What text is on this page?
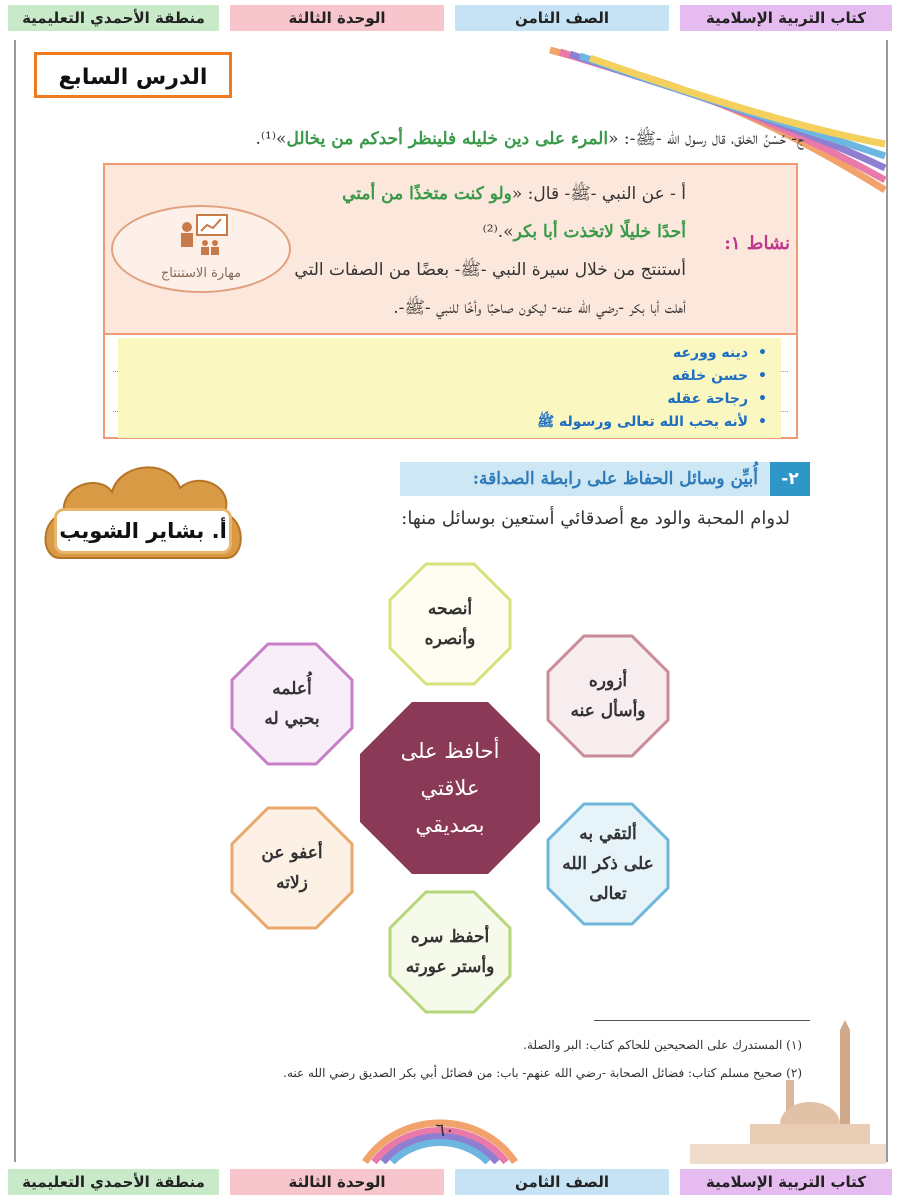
كتاب التربية الإسلامية
الصف الثامن
الوحدة الثالثة
منطقة الأحمدي التعليمية
الدرس السابع
ج- حُسْنُ الخلق، قال رسول الله -ﷺ-: «المرء على دين خليله فلينظر أحدكم من يخالل»⁽¹⁾.
نشاط ١:
أ - عن النبي -ﷺ- قال: «ولو كنت متخذًا من أمتي
أحدًا خليلًا لاتخذت أبا بكر».⁽²⁾
أستنتج من خلال سيرة النبي -ﷺ- بعضًا من الصفات التي
أهلت أبا بكر -رضي الله عنه- ليكون صاحبًا وأخًا للنبي -ﷺ-.
مهارة الاستنتاج
• دينه وورعه
• حسن خلقه
• رجاحة عقله
• لأنه يحب الله تعالى ورسوله ﷺ
٢-
أُبيِّن وسائل الحفاظ على رابطة الصداقة:
لدوام المحبة والود مع أصدقائي أستعين بوسائل منها:
أ. بشاير الشويب
أنصحه
وأنصره
أزوره
وأسأل عنه
ألتقي به
على ذكر الله
تعالى
أحفظ سره
وأستر عورته
أعفو عن
زلاته
أُعلمه
بحبي له
أحافظ على
علاقتي
بصديقي
(١) المستدرك على الصحيحين للحاكم كتاب: البر والصلة.
(٢) صحيح مسلم كتاب: فضائل الصحابة -رضي الله عنهم- باب: من فضائل أبي بكر الصديق رضي الله عنه.
٦٠
كتاب التربية الإسلامية
الصف الثامن
الوحدة الثالثة
منطقة الأحمدي التعليمية
